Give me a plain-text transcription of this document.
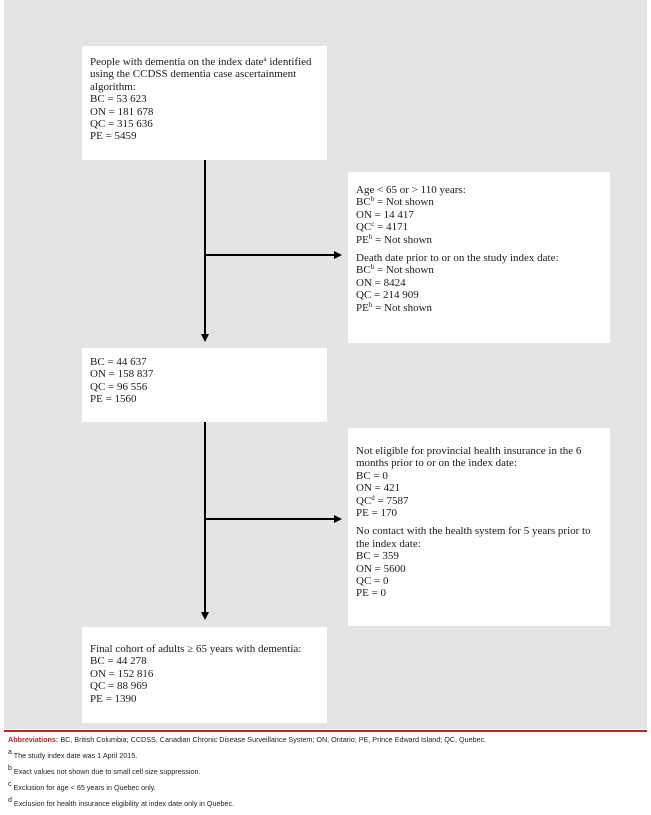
People with dementia on the index date$^a$ identified
using the CCDSS dementia case ascertainment
algorithm:
BC = 53 623
ON = 181 678
QC = 315 636
PE = 5459
Age < 65 or > 110 years:
$BC^b$ = Not shown
ON = 14 417
$QC^c = 4171$
$PE^b$ = Not shown
Death date prior to or on the study index date:
$BC^b$ = Not shown
ON = 8424
QC = 214 909
$PE^b$ = Not shown
BC = 44 637
ON = 158 837
QC = 96 556
PE = 1560
Not eligible for provincial health insurance in the 6 months prior to or on the index date:
BC = 0
ON = 421
$QC^d = 7587$
PE = 170
No contact with the health system for 5 years prior to the index date:
BC = 359
ON = 5600
QC = 0
PE = 0
Final cohort of adults ≥ 65 years with dementia:
BC = 44 278
ON = 152 816
QC = 88 969
PE = 1390
Abbreviations: BC, British Columbia; CCDSS, Canadian Chronic Disease Surveillance System; ON, Ontario; PE, Prince Edward Island; QC, Quebec.
$^a$ The study index date was 1 April 2015.
$^b$ Exact values not shown due to small cell size suppression.
$^c$ Exclusion for age < 65 years in Quebec only.
$^d$ Exclusion for health insurance eligibility at index date only in Quebec.
